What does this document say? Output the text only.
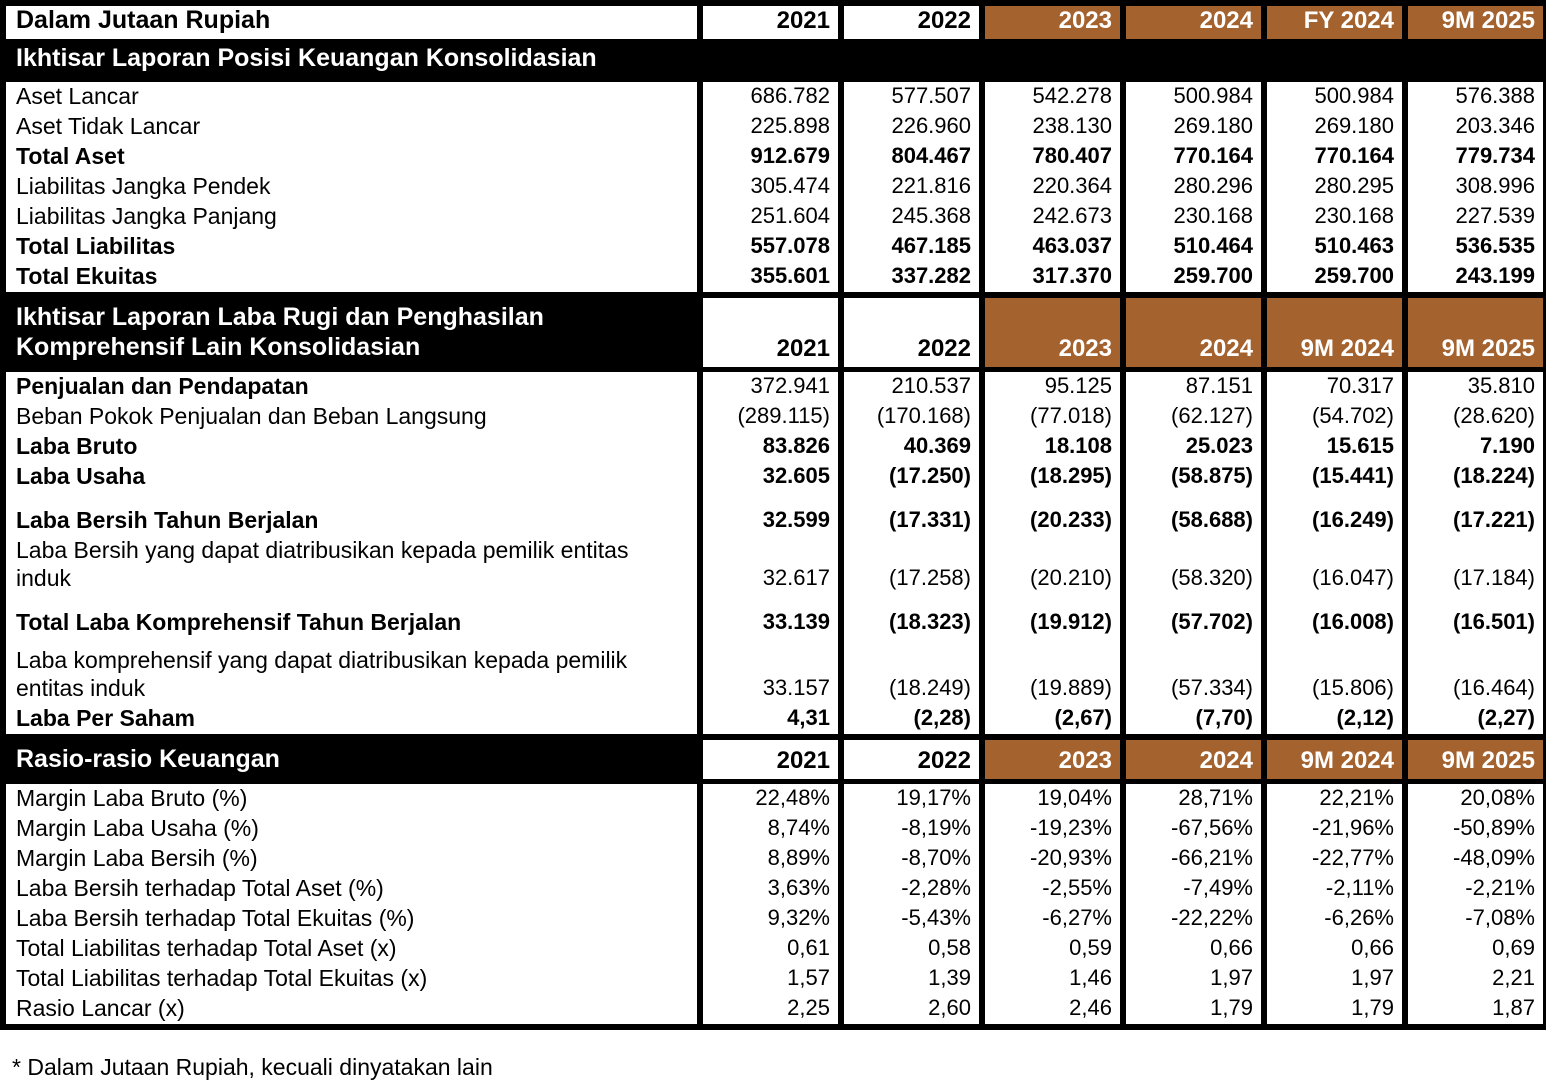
Dalam Jutaan Rupiah	2021	2022	2023	2024	FY 2024	9M 2025
Ikhtisar Laporan Posisi Keuangan Konsolidasian						
Aset Lancar	686.782	577.507	542.278	500.984	500.984	576.388
Aset Tidak Lancar	225.898	226.960	238.130	269.180	269.180	203.346
Total Aset	912.679	804.467	780.407	770.164	770.164	779.734
Liabilitas Jangka Pendek	305.474	221.816	220.364	280.296	280.295	308.996
Liabilitas Jangka Panjang	251.604	245.368	242.673	230.168	230.168	227.539
Total Liabilitas	557.078	467.185	463.037	510.464	510.463	536.535
Total Ekuitas	355.601	337.282	317.370	259.700	259.700	243.199
Ikhtisar Laporan Laba Rugi dan Penghasilan Komprehensif Lain Konsolidasian	2021	2022	2023	2024	9M 2024	9M 2025
Penjualan dan Pendapatan	372.941	210.537	95.125	87.151	70.317	35.810
Beban Pokok Penjualan dan Beban Langsung	(289.115)	(170.168)	(77.018)	(62.127)	(54.702)	(28.620)
Laba Bruto	83.826	40.369	18.108	25.023	15.615	7.190
Laba Usaha	32.605	(17.250)	(18.295)	(58.875)	(15.441)	(18.224)
Laba Bersih Tahun Berjalan	32.599	(17.331)	(20.233)	(58.688)	(16.249)	(17.221)
Laba Bersih yang dapat diatribusikan kepada pemilik entitas induk	32.617	(17.258)	(20.210)	(58.320)	(16.047)	(17.184)
Total Laba Komprehensif Tahun Berjalan	33.139	(18.323)	(19.912)	(57.702)	(16.008)	(16.501)
Laba komprehensif yang dapat diatribusikan kepada pemilik entitas induk	33.157	(18.249)	(19.889)	(57.334)	(15.806)	(16.464)
Laba Per Saham	4,31	(2,28)	(2,67)	(7,70)	(2,12)	(2,27)
Rasio-rasio Keuangan	2021	2022	2023	2024	9M 2024	9M 2025
Margin Laba Bruto (%)	22,48%	19,17%	19,04%	28,71%	22,21%	20,08%
Margin Laba Usaha (%)	8,74%	-8,19%	-19,23%	-67,56%	-21,96%	-50,89%
Margin Laba Bersih (%)	8,89%	-8,70%	-20,93%	-66,21%	-22,77%	-48,09%
Laba Bersih terhadap Total Aset (%)	3,63%	-2,28%	-2,55%	-7,49%	-2,11%	-2,21%
Laba Bersih terhadap Total Ekuitas (%)	9,32%	-5,43%	-6,27%	-22,22%	-6,26%	-7,08%
Total Liabilitas terhadap Total Aset (x)	0,61	0,58	0,59	0,66	0,66	0,69
Total Liabilitas terhadap Total Ekuitas (x)	1,57	1,39	1,46	1,97	1,97	2,21
Rasio Lancar (x)	2,25	2,60	2,46	1,79	1,79	1,87
* Dalam Jutaan Rupiah, kecuali dinyatakan lain
